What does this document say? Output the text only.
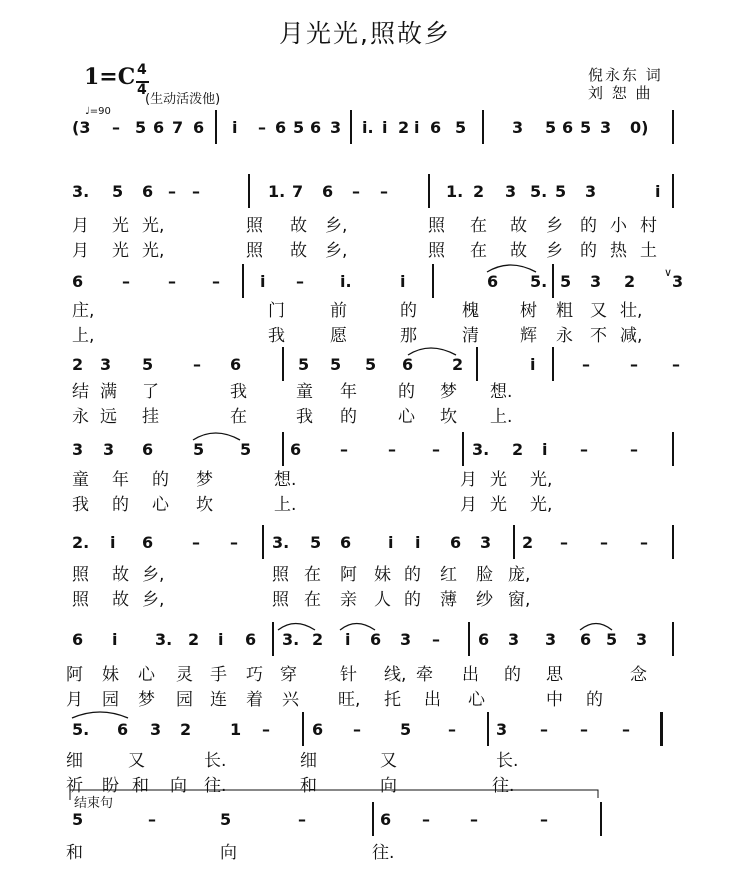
月光光,照故乡
1=C 4
4
(生动活泼他)
♩=90
倪永东 词
刘 恕 曲
(3 – 5 6 7 6 i – 6 5 6 3 i. i 2 i 6 5	3 5 6 5 3 0)
3. 5 6 – –	1. 7 6 – –	1. 2 3 5. 5 3	i
月 光 光,	照 故 乡,	照 在 故 乡 的 小 村
月 光 光,	照 故 乡,	照 在 故 乡 的 热 土
6 – – –	i – i.	i	6 5. 5 3 2 3
庄,	门	前	的	槐 树 粗 又 壮,
上,	我	愿	那	清 辉 永 不 减,
2 3 5 – 6	5 5 5 6 2	i	–	– –
结 满 了	我	童 年 的 梦 想.
永 远 挂	在	我 的 心 坎 上.
3 3 6 5 5 6 –	– – 3. 2 i –	–
童 年 的 梦	想.	月 光 光,
我 的 心 坎	上.	月 光 光,
2. i 6 – – 3. 5 6 i i 6 3 2 – – –
照 故 乡,	照 在 阿 妹 的 红 脸 庞,
照 故 乡,	照 在 亲 人 的 薄 纱 窗,
6 i 3. 2 i 6 3. 2 i 6 3 – 6 3 3 6 5 3
阿 妹 心 灵 手 巧 穿	针 线, 牵 出 的 思	念
月 园 梦 园 连 着 兴 旺, 托 出 心	中 的
5. 6 3 2 1 –	6 – 5 –	3 – – –
细	又	长.	细	又	长.
祈 盼 和 向 往.	和	向	往.
5	–	5	–	6 –	–	–
和	向	往.
∨
结束句
